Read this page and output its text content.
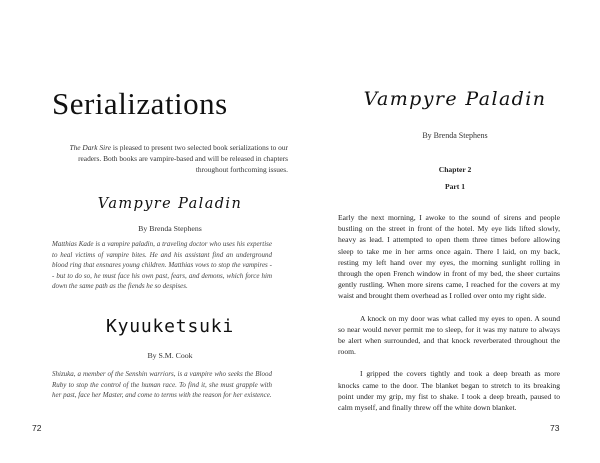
Serializations
The Dark Sire is pleased to present two selected book serializations to our readers. Both books are vampire-based and will be released in chapters throughout forthcoming issues.
Vampyre Paladin
By Brenda Stephens
Matthias Kade is a vampire paladin, a traveling doctor who uses his expertise to heal victims of vampire bites. He and his assistant find an underground blood ring that ensnares young children. Matthias vows to stop the vampires -- but to do so, he must face his own past, fears, and demons, which force him down the same path as the fiends he so despises.
Kyuuketsuki
By S.M. Cook
Shizuka, a member of the Senshin warriors, is a vampire who seeks the Blood Ruby to stop the control of the human race. To find it, she must grapple with her past, face her Master, and come to terms with the reason for her existence.
72
Vampyre Paladin
By Brenda Stephens
Chapter 2
Part 1

Early the next morning, I awoke to the sound of sirens and people bustling on the street in front of the hotel. My eye lids lifted slowly, heavy as lead. I attempted to open them three times before allowing sleep to take me in her arms once again. There I laid, on my back, resting my left hand over my eyes, the morning sunlight rolling in through the open French window in front of my bed, the sheer curtains gently rustling. When more sirens came, I reached for the covers at my waist and brought them overhead as I rolled over onto my right side.

A knock on my door was what called my eyes to open. A sound so near would never permit me to sleep, for it was my nature to always be alert when surrounded, and that knock reverberated throughout the room.

I gripped the covers tightly and took a deep breath as more knocks came to the door. The blanket began to stretch to its breaking point under my grip, my fist to shake. I took a deep breath, paused to calm myself, and finally threw off the white down blanket.

73
